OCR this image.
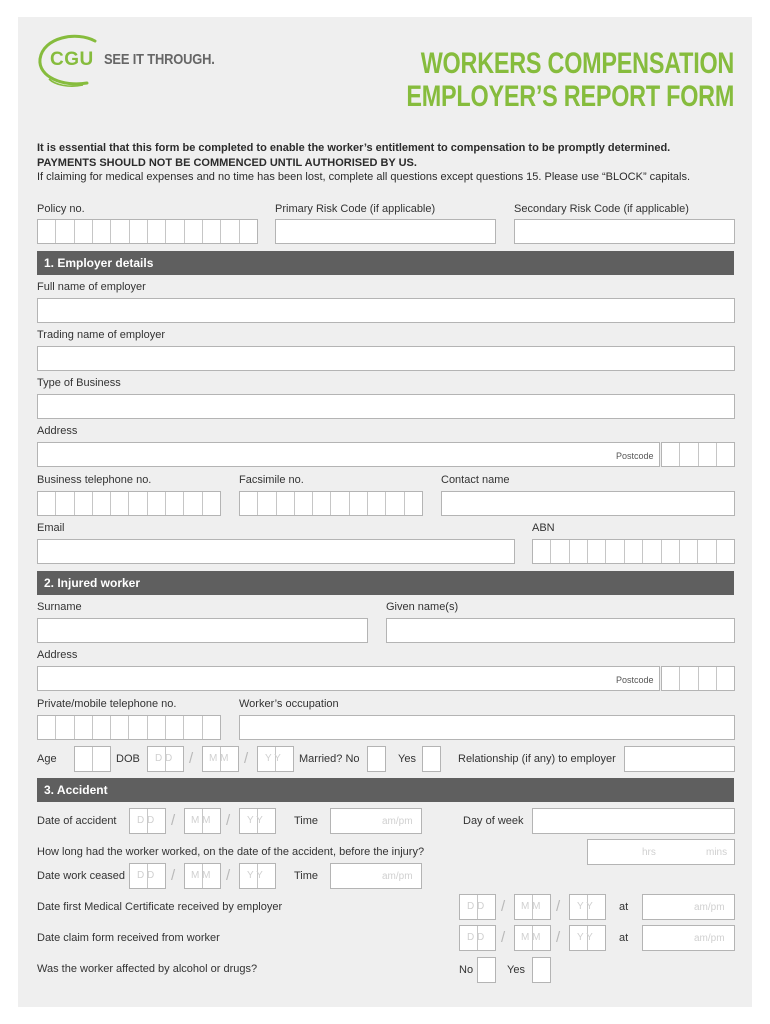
CGU SEE IT THROUGH.	WORKERS COMPENSATION
EMPLOYER’S REPORT FORM
It is essential that this form be completed to enable the worker’s entitlement to compensation to be promptly determined.
PAYMENTS SHOULD NOT BE COMMENCED UNTIL AUTHORISED BY US.
If claiming for medical expenses and no time has been lost, complete all questions except questions 15. Please use “BLOCK” capitals.
Policy no.	Primary Risk Code (if applicable)	Secondary Risk Code (if applicable)
1. Employer details
Full name of employer
Trading name of employer
Type of Business
Address
Postcode
Business telephone no.	Facsimile no.	Contact name
Email	ABN
2. Injured worker
Surname	Given name(s)
Address
Postcode
Private/mobile telephone no.	Worker’s occupation
Age	DOB D D / M M / Y Y Married? No	Yes	Relationship (if any) to employer
3. Accident
Date of accident D D / M M / Y Y	Time	am/pm	Day of week
How long had the worker worked, on the date of the accident, before the injury?	hrs	mins
Date work ceased D D / M M / Y Y	Time	am/pm
Date first Medical Certificate received by employer	D D / M M / Y Y at	am/pm
Date claim form received from worker	D D / M M / Y Y at	am/pm
Was the worker affected by alcohol or drugs?	No	Yes
